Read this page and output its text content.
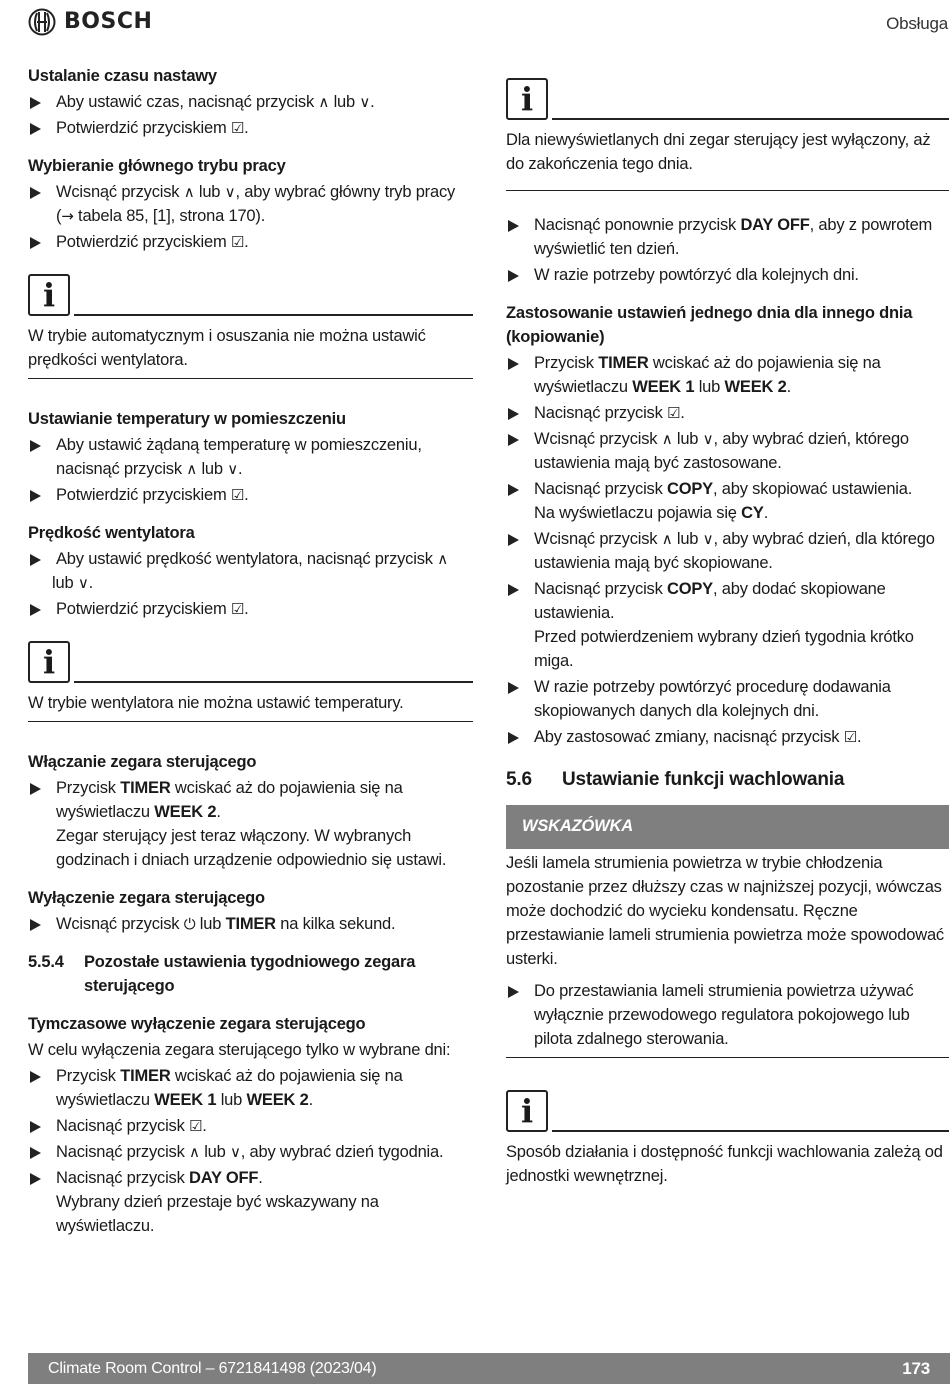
BOSCH	Obsługa
Ustalanie czasu nastawy
Aby ustawić czas, nacisnąć przycisk ∧ lub ∨.
Potwierdzić przyciskiem ☑.
Wybieranie głównego trybu pracy
Wcisnąć przycisk ∧ lub ∨, aby wybrać główny tryb pracy (→ tabela 85, [1], strona 170).
Potwierdzić przyciskiem ☑.
i
W trybie automatycznym i osuszania nie można ustawić prędkości wentylatora.
Ustawianie temperatury w pomieszczeniu
Aby ustawić żądaną temperaturę w pomieszczeniu, nacisnąć przycisk ∧ lub ∨.
Potwierdzić przyciskiem ☑.
Prędkość wentylatora
Aby ustawić prędkość wentylatora, nacisnąć przycisk ∧
lub ∨.
Potwierdzić przyciskiem ☑.
i
W trybie wentylatora nie można ustawić temperatury.
Włączanie zegara sterującego
Przycisk TIMER wciskać aż do pojawienia się na wyświetlaczu WEEK 2.
Zegar sterujący jest teraz włączony. W wybranych godzinach i dniach urządzenie odpowiednio się ustawi.
Wyłączenie zegara sterującego
Wcisnąć przycisk ⏻ lub TIMER na kilka sekund.
5.5.4	Pozostałe ustawienia tygodniowego zegara sterującego
Tymczasowe wyłączenie zegara sterującego
W celu wyłączenia zegara sterującego tylko w wybrane dni:
Przycisk TIMER wciskać aż do pojawienia się na wyświetlaczu WEEK 1 lub WEEK 2.
Nacisnąć przycisk ☑.
Nacisnąć przycisk ∧ lub ∨, aby wybrać dzień tygodnia.
Nacisnąć przycisk DAY OFF.
Wybrany dzień przestaje być wskazywany na wyświetlaczu.
i
Dla niewyświetlanych dni zegar sterujący jest wyłączony, aż do zakończenia tego dnia.
Nacisnąć ponownie przycisk DAY OFF, aby z powrotem wyświetlić ten dzień.
W razie potrzeby powtórzyć dla kolejnych dni.
Zastosowanie ustawień jednego dnia dla innego dnia (kopiowanie)
Przycisk TIMER wciskać aż do pojawienia się na wyświetlaczu WEEK 1 lub WEEK 2.
Nacisnąć przycisk ☑.
Wcisnąć przycisk ∧ lub ∨, aby wybrać dzień, którego ustawienia mają być zastosowane.
Nacisnąć przycisk COPY, aby skopiować ustawienia.
Na wyświetlaczu pojawia się CY.
Wcisnąć przycisk ∧ lub ∨, aby wybrać dzień, dla którego ustawienia mają być skopiowane.
Nacisnąć przycisk COPY, aby dodać skopiowane ustawienia.
Przed potwierdzeniem wybrany dzień tygodnia krótko miga.
W razie potrzeby powtórzyć procedurę dodawania skopiowanych danych dla kolejnych dni.
Aby zastosować zmiany, nacisnąć przycisk ☑.
5.6	Ustawianie funkcji wachlowania
WSKAZÓWKA
Jeśli lamela strumienia powietrza w trybie chłodzenia pozostanie przez dłuższy czas w najniższej pozycji, wówczas może dochodzić do wycieku kondensatu. Ręczne przestawianie lameli strumienia powietrza może spowodować usterki.
Do przestawiania lameli strumienia powietrza używać wyłącznie przewodowego regulatora pokojowego lub pilota zdalnego sterowania.
i
Sposób działania i dostępność funkcji wachlowania zależą od jednostki wewnętrznej.
Climate Room Control – 6721841498 (2023/04)	173
